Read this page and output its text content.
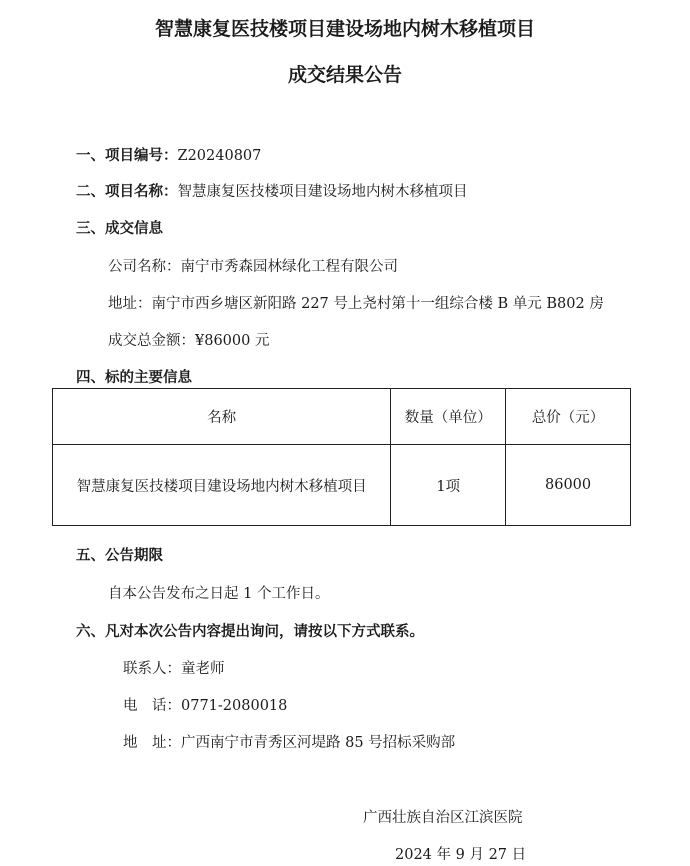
智慧康复医技楼项目建设场地内树木移植项目
成交结果公告
一、项目编号：Z20240807
二、项目名称：智慧康复医技楼项目建设场地内树木移植项目
三、成交信息
公司名称：南宁市秀森园林绿化工程有限公司
地址：南宁市西乡塘区新阳路 227 号上尧村第十一组综合楼 B 单元 B802 房
成交总金额：¥86000 元
四、标的主要信息
名称	数量（单位）	总价（元）
智慧康复医技楼项目建设场地内树木移植项目	1项	86000
五、公告期限
自本公告发布之日起 1 个工作日。
六、凡对本次公告内容提出询问，请按以下方式联系。
联系人：童老师
电　话：0771-2080018
地　址：广西南宁市青秀区河堤路 85 号招标采购部
广西壮族自治区江滨医院
2024 年 9 月 27 日
